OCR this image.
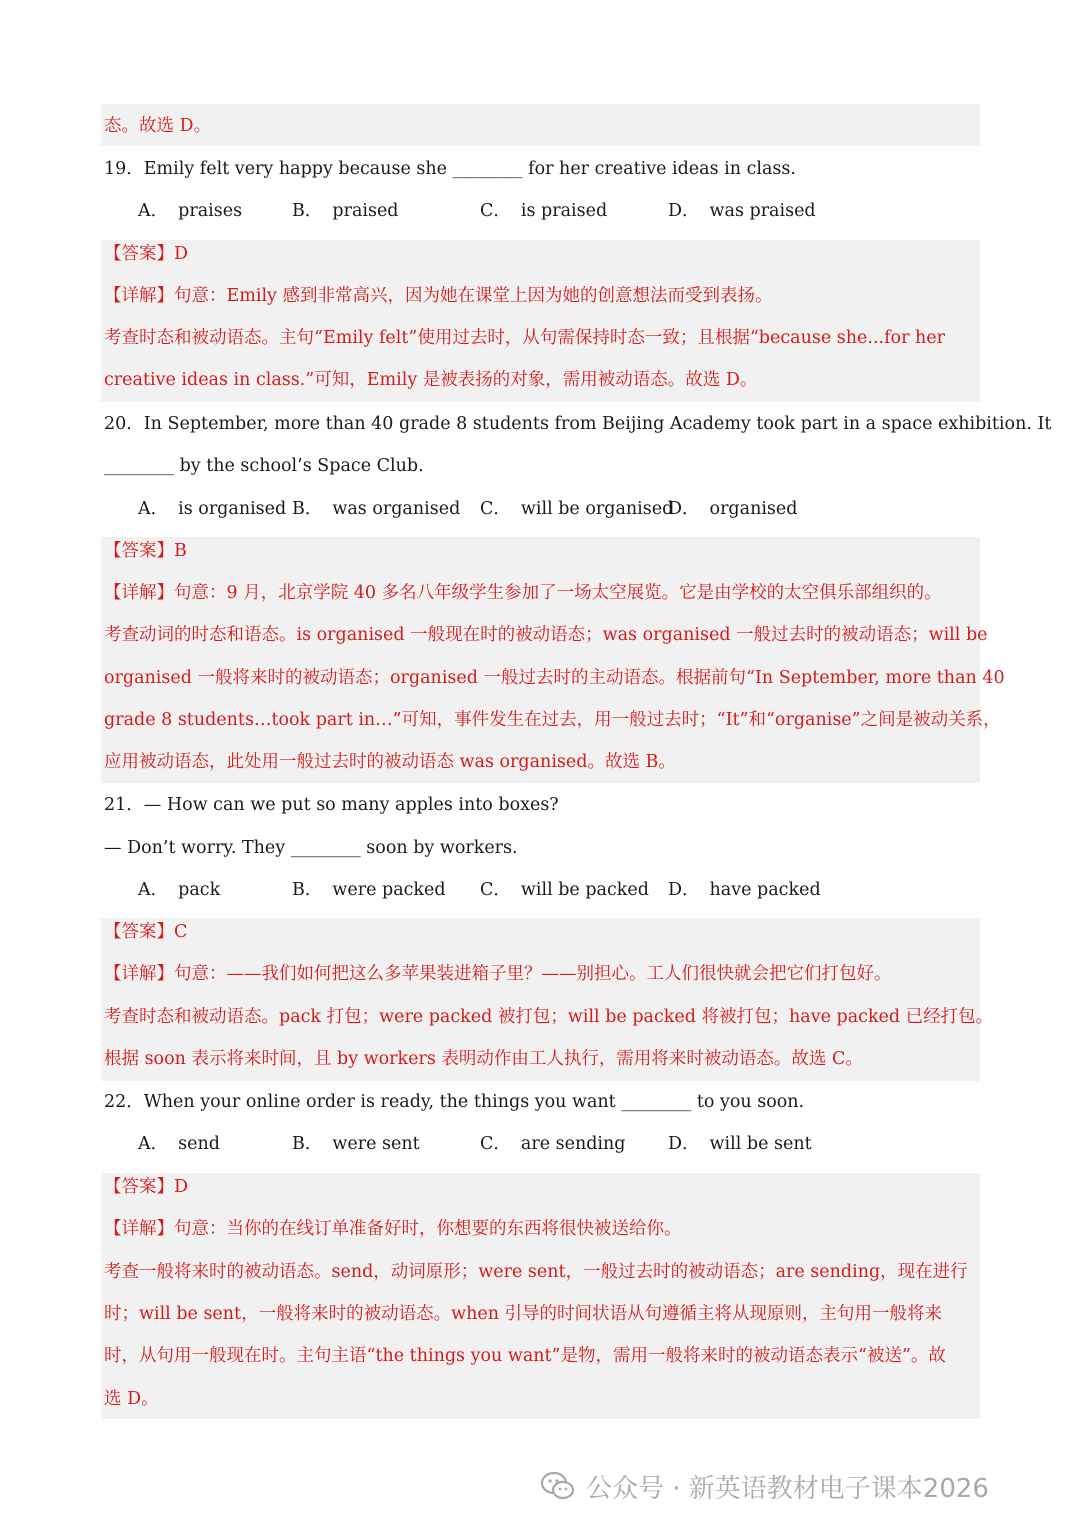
态。故选 D。
19．Emily felt very happy because she ________ for her creative ideas in class.
A． praises	B． praised	C． is praised	D． was praised
【答案】D
【详解】句意：Emily 感到非常高兴，因为她在课堂上因为她的创意想法而受到表扬。
考查时态和被动语态。主句“Emily felt”使用过去时，从句需保持时态一致；且根据“because she...for her
creative ideas in class.”可知，Emily 是被表扬的对象，需用被动语态。故选 D。
20．In September, more than 40 grade 8 students from Beijing Academy took part in a space exhibition. It
________ by the school’s Space Club.
A． is organised B． was organised C． will be organised
D． organised
【答案】B
【详解】句意：9 月，北京学院 40 多名八年级学生参加了一场太空展览。它是由学校的太空俱乐部组织的。
考查动词的时态和语态。is organised 一般现在时的被动语态；was organised 一般过去时的被动语态；will be
organised 一般将来时的被动语态；organised 一般过去时的主动语态。根据前句“In September, more than 40
grade 8 students…took part in…”可知，事件发生在过去，用一般过去时；“It”和“organise”之间是被动关系，
应用被动语态，此处用一般过去时的被动语态 was organised。故选 B。
21．— How can we put so many apples into boxes?
— Don’t worry. They ________ soon by workers.
A． pack	B． were packed C． will be packed D． have packed
【答案】C
【详解】句意：——我们如何把这么多苹果装进箱子里？——别担心。工人们很快就会把它们打包好。
考查时态和被动语态。pack 打包；were packed 被打包；will be packed 将被打包；have packed 已经打包。
根据 soon 表示将来时间，且 by workers 表明动作由工人执行，需用将来时被动语态。故选 C。
22．When your online order is ready, the things you want ________ to you soon.
A． send	B． were sent	C． are sending D． will be sent
【答案】D
【详解】句意：当你的在线订单准备好时，你想要的东西将很快被送给你。
考查一般将来时的被动语态。send，动词原形；were sent，一般过去时的被动语态；are sending，现在进行
时；will be sent，一般将来时的被动语态。when 引导的时间状语从句遵循主将从现原则，主句用一般将来
时，从句用一般现在时。主句主语“the things you want”是物，需用一般将来时的被动语态表示“被送”。故
选 D。
公众号 · 新英语教材电子课本2026
